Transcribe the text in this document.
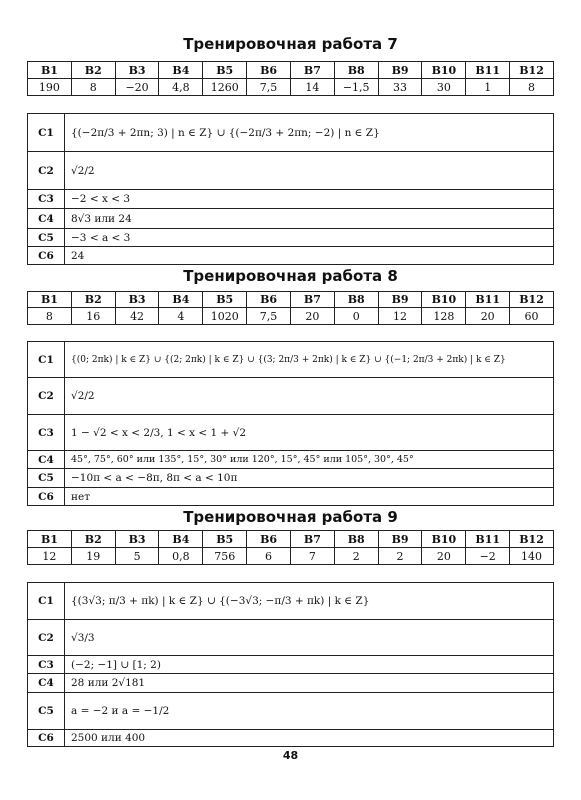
Тренировочная работа 7
B1	B2	B3	B4	B5	B6	B7	B8	B9	B10	B11	B12
190	8	−20	4,8	1260	7,5	14	−1,5	33	30	1	8
C1	{(−2π/3 + 2πn; 3) | n ∈ Z} ∪ {(−2π/3 + 2πn; −2) | n ∈ Z}
C2	√2/2
C3	−2 < x < 3
C4	8√3 или 24
C5	−3 < a < 3
C6	24
Тренировочная работа 8
B1	B2	B3	B4	B5	B6	B7	B8	B9	B10	B11	B12
8	16	42	4	1020	7,5	20	0	12	128	20	60
C1	{(0; 2πk) | k ∈ Z} ∪ {(2; 2πk) | k ∈ Z} ∪ {(3; 2π/3 + 2πk) | k ∈ Z} ∪ {(−1; 2π/3 + 2πk) | k ∈ Z}
C2	√2/2
C3	1 − √2 < x < 2/3, 1 < x < 1 + √2
C4	45°, 75°, 60° или 135°, 15°, 30° или 120°, 15°, 45° или 105°, 30°, 45°
C5	−10π < a < −8π, 8π < a < 10π
C6	нет
Тренировочная работа 9
B1	B2	B3	B4	B5	B6	B7	B8	B9	B10	B11	B12
12	19	5	0,8	756	6	7	2	2	20	−2	140
C1	{(3√3; π/3 + πk) | k ∈ Z} ∪ {(−3√3; −π/3 + πk) | k ∈ Z}
C2	√3/3
C3	(−2; −1] ∪ [1; 2)
C4	28 или 2√181
C5	a = −2 и a = −1/2
C6	2500 или 400
48
